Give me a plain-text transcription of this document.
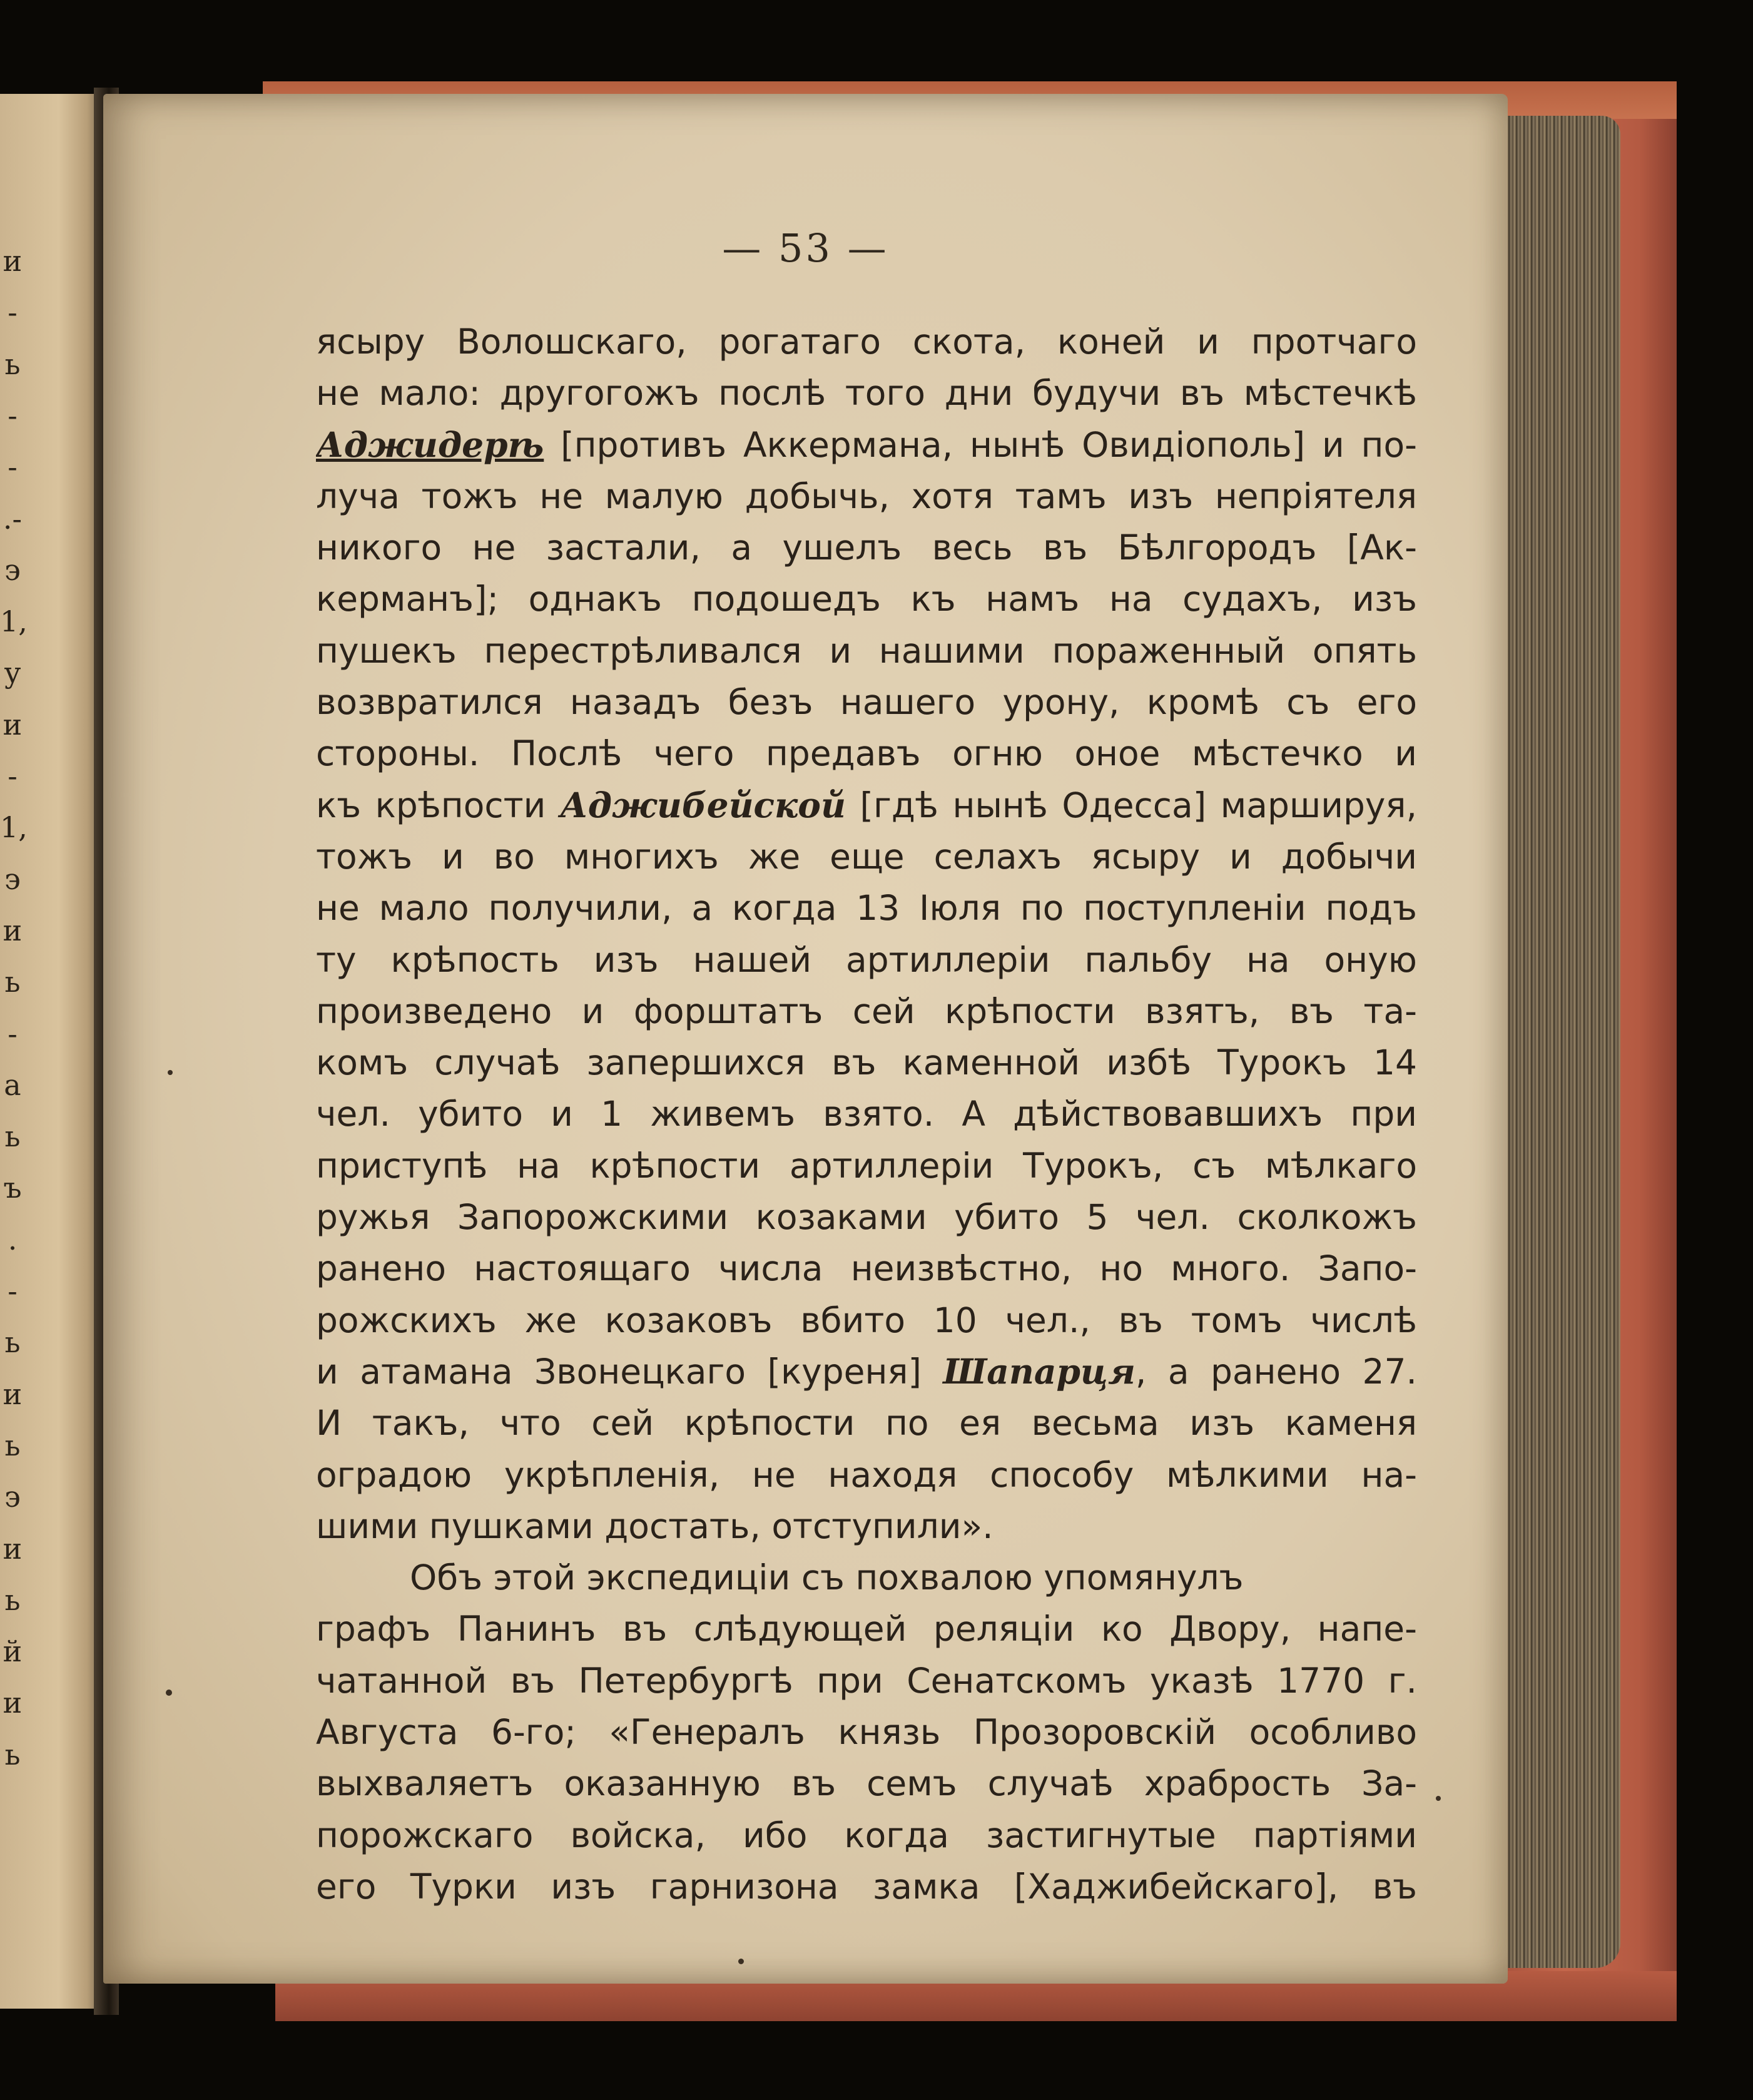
и
-
ь
-
-
.-
э
1,
у
и
-
1,
э
и
ь
-
а
ь
ъ
.
-
ь
и
ь
э
и
ь
й
и
ь
— 53 —
ясыру Волошскаго, рогатаго скота, коней и протчаго
не мало: другогожъ послѣ того дни будучи въ мѣстечкѣ
Аджидерѣ [противъ Аккермана, нынѣ Овидіополь] и по-
луча тожъ не малую добычь, хотя тамъ изъ непріятеля
никого не застали, а ушелъ весь въ Бѣлгородъ [Ак-
керманъ]; однакъ подошедъ къ намъ на судахъ, изъ
пушекъ перестрѣливался и нашими пораженный опять
возвратился назадъ безъ нашего урону, кромѣ съ его
стороны. Послѣ чего предавъ огню оное мѣстечко и
къ крѣпости Аджибейской [гдѣ нынѣ Одесса] маршируя,
тожъ и во многихъ же еще селахъ ясыру и добычи
не мало получили, а когда 13 Іюля по поступленіи подъ
ту крѣпость изъ нашей артиллеріи пальбу на оную
произведено и форштатъ сей крѣпости взятъ, въ та-
комъ случаѣ запершихся въ каменной избѣ Турокъ 14
чел. убито и 1 живемъ взято. А дѣйствовавшихъ при
приступѣ на крѣпости артиллеріи Турокъ, съ мѣлкаго
ружья Запорожскими козаками убито 5 чел. сколкожъ
ранено настоящаго числа неизвѣстно, но много. Запо-
рожскихъ же козаковъ вбито 10 чел., въ томъ числѣ
и атамана Звонецкаго [куреня] Шапарця, а ранено 27.
И такъ, что сей крѣпости по ея весьма изъ каменя
оградою укрѣпленія, не находя способу мѣлкими на-
шими пушками достать, отступили».
Объ этой экспедиціи съ похвалою упомянулъ
графъ Панинъ въ слѣдующей реляціи ко Двору, напе-
чатанной въ Петербургѣ при Сенатскомъ указѣ 1770 г.
Августа 6-го; «Генералъ князь Прозоровскій особливо
выхваляетъ оказанную въ семъ случаѣ храбрость За-
порожскаго войска, ибо когда застигнутые партіями
его Турки изъ гарнизона замка [Хаджибейскаго], въ
